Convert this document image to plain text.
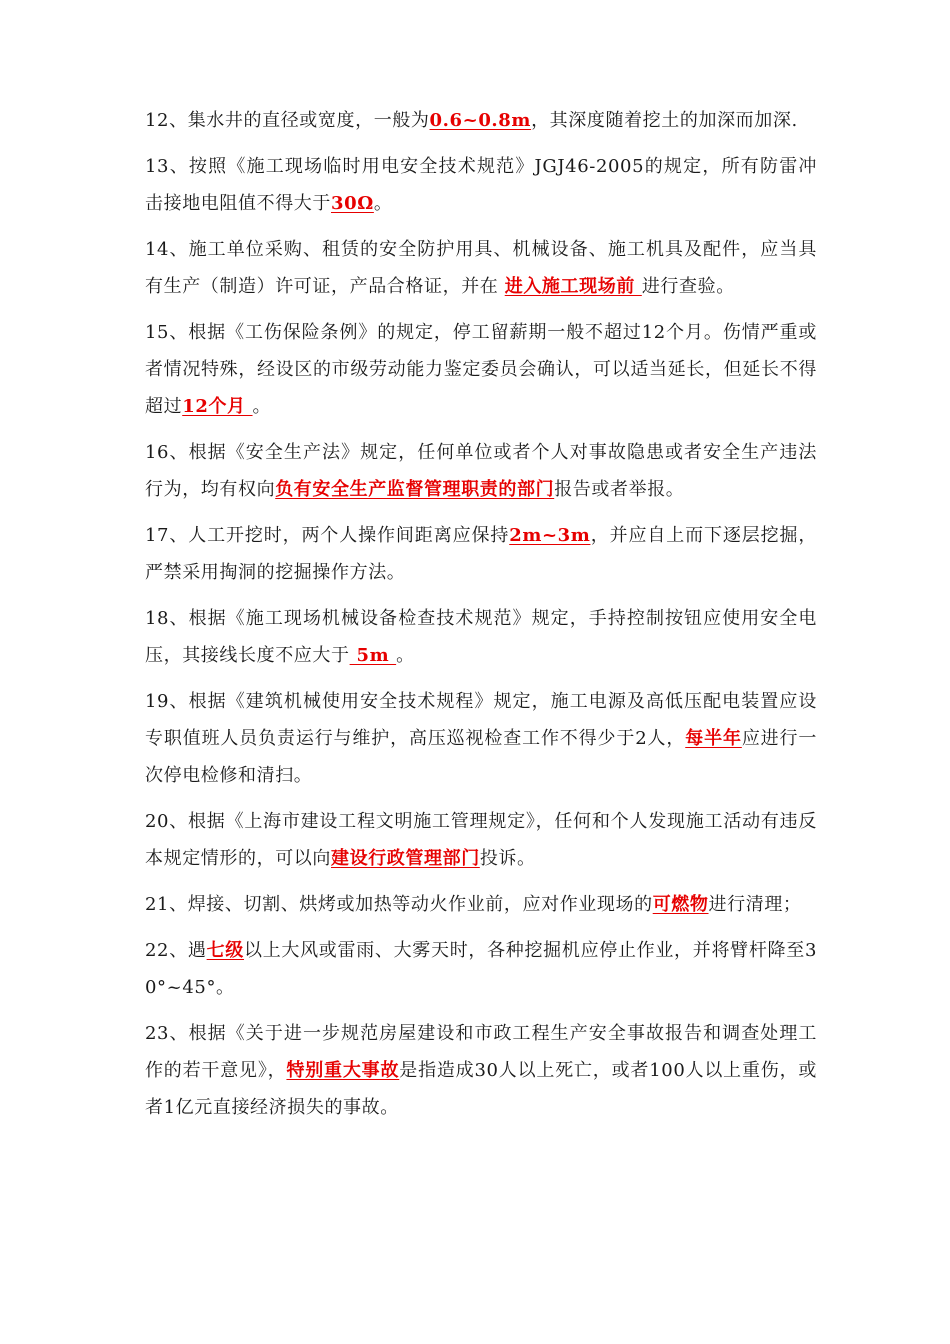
12、集水井的直径或宽度，一般为0.6~0.8m，其深度随着挖土的加深而加深.

13、按照《施工现场临时用电安全技术规范》JGJ46-2005的规定，所有防雷冲击接地电阻值不得大于30Ω。

14、施工单位采购、租赁的安全防护用具、机械设备、施工机具及配件，应当具有生产（制造）许可证，产品合格证，并在 进入施工现场前 进行查验。

15、根据《工伤保险条例》的规定，停工留薪期一般不超过12个月。伤情严重或者情况特殊，经设区的市级劳动能力鉴定委员会确认，可以适当延长，但延长不得超过12个月 。

16、根据《安全生产法》规定，任何单位或者个人对事故隐患或者安全生产违法行为，均有权向负有安全生产监督管理职责的部门报告或者举报。

17、人工开挖时，两个人操作间距离应保持2m~3m，并应自上而下逐层挖掘，严禁采用掏洞的挖掘操作方法。

18、根据《施工现场机械设备检查技术规范》规定，手持控制按钮应使用安全电压，其接线长度不应大于 5m 。

19、根据《建筑机械使用安全技术规程》规定，施工电源及高低压配电装置应设专职值班人员负责运行与维护，高压巡视检查工作不得少于2人，每半年应进行一次停电检修和清扫。

20、根据《上海市建设工程文明施工管理规定》，任何和个人发现施工活动有违反本规定情形的，可以向建设行政管理部门投诉。

21、焊接、切割、烘烤或加热等动火作业前，应对作业现场的可燃物进行清理；

22、遇七级以上大风或雷雨、大雾天时，各种挖掘机应停止作业，并将臂杆降至30°~45°。

23、根据《关于进一步规范房屋建设和市政工程生产安全事故报告和调查处理工作的若干意见》，特别重大事故是指造成30人以上死亡，或者100人以上重伤，或者1亿元直接经济损失的事故。
